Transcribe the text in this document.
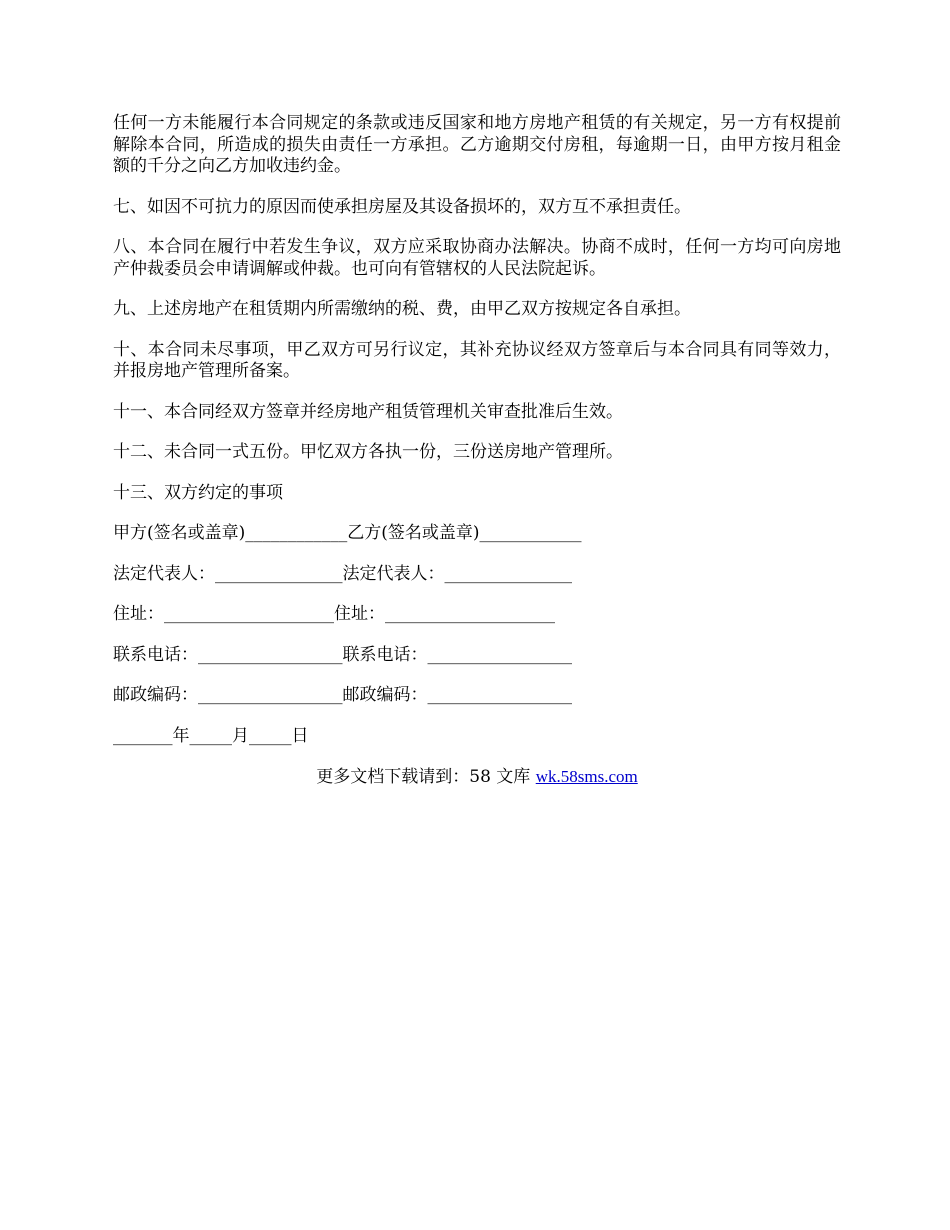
任何一方未能履行本合同规定的条款或违反国家和地方房地产租赁的有关规定，另一方有权提前解除本合同，所造成的损失由责任一方承担。乙方逾期交付房租，每逾期一日，由甲方按月租金额的千分之向乙方加收违约金。

七、如因不可抗力的原因而使承担房屋及其设备损坏的，双方互不承担责任。

八、本合同在履行中若发生争议，双方应采取协商办法解决。协商不成时，任何一方均可向房地产仲裁委员会申请调解或仲裁。也可向有管辖权的人民法院起诉。

九、上述房地产在租赁期内所需缴纳的税、费，由甲乙双方按规定各自承担。

十、本合同未尽事项，甲乙双方可另行议定，其补充协议经双方签章后与本合同具有同等效力，并报房地产管理所备案。

十一、本合同经双方签章并经房地产租赁管理机关审查批准后生效。

十二、未合同一式五份。甲忆双方各执一份，三份送房地产管理所。

十三、双方约定的事项

甲方(签名或盖章)____________乙方(签名或盖章)____________

法定代表人：_______________法定代表人：_______________

住址：____________________住址：____________________

联系电话：_________________联系电话：_________________

邮政编码：_________________邮政编码：_________________

_______年_____月_____日

更多文档下载请到：58 文库 wk.58sms.com
